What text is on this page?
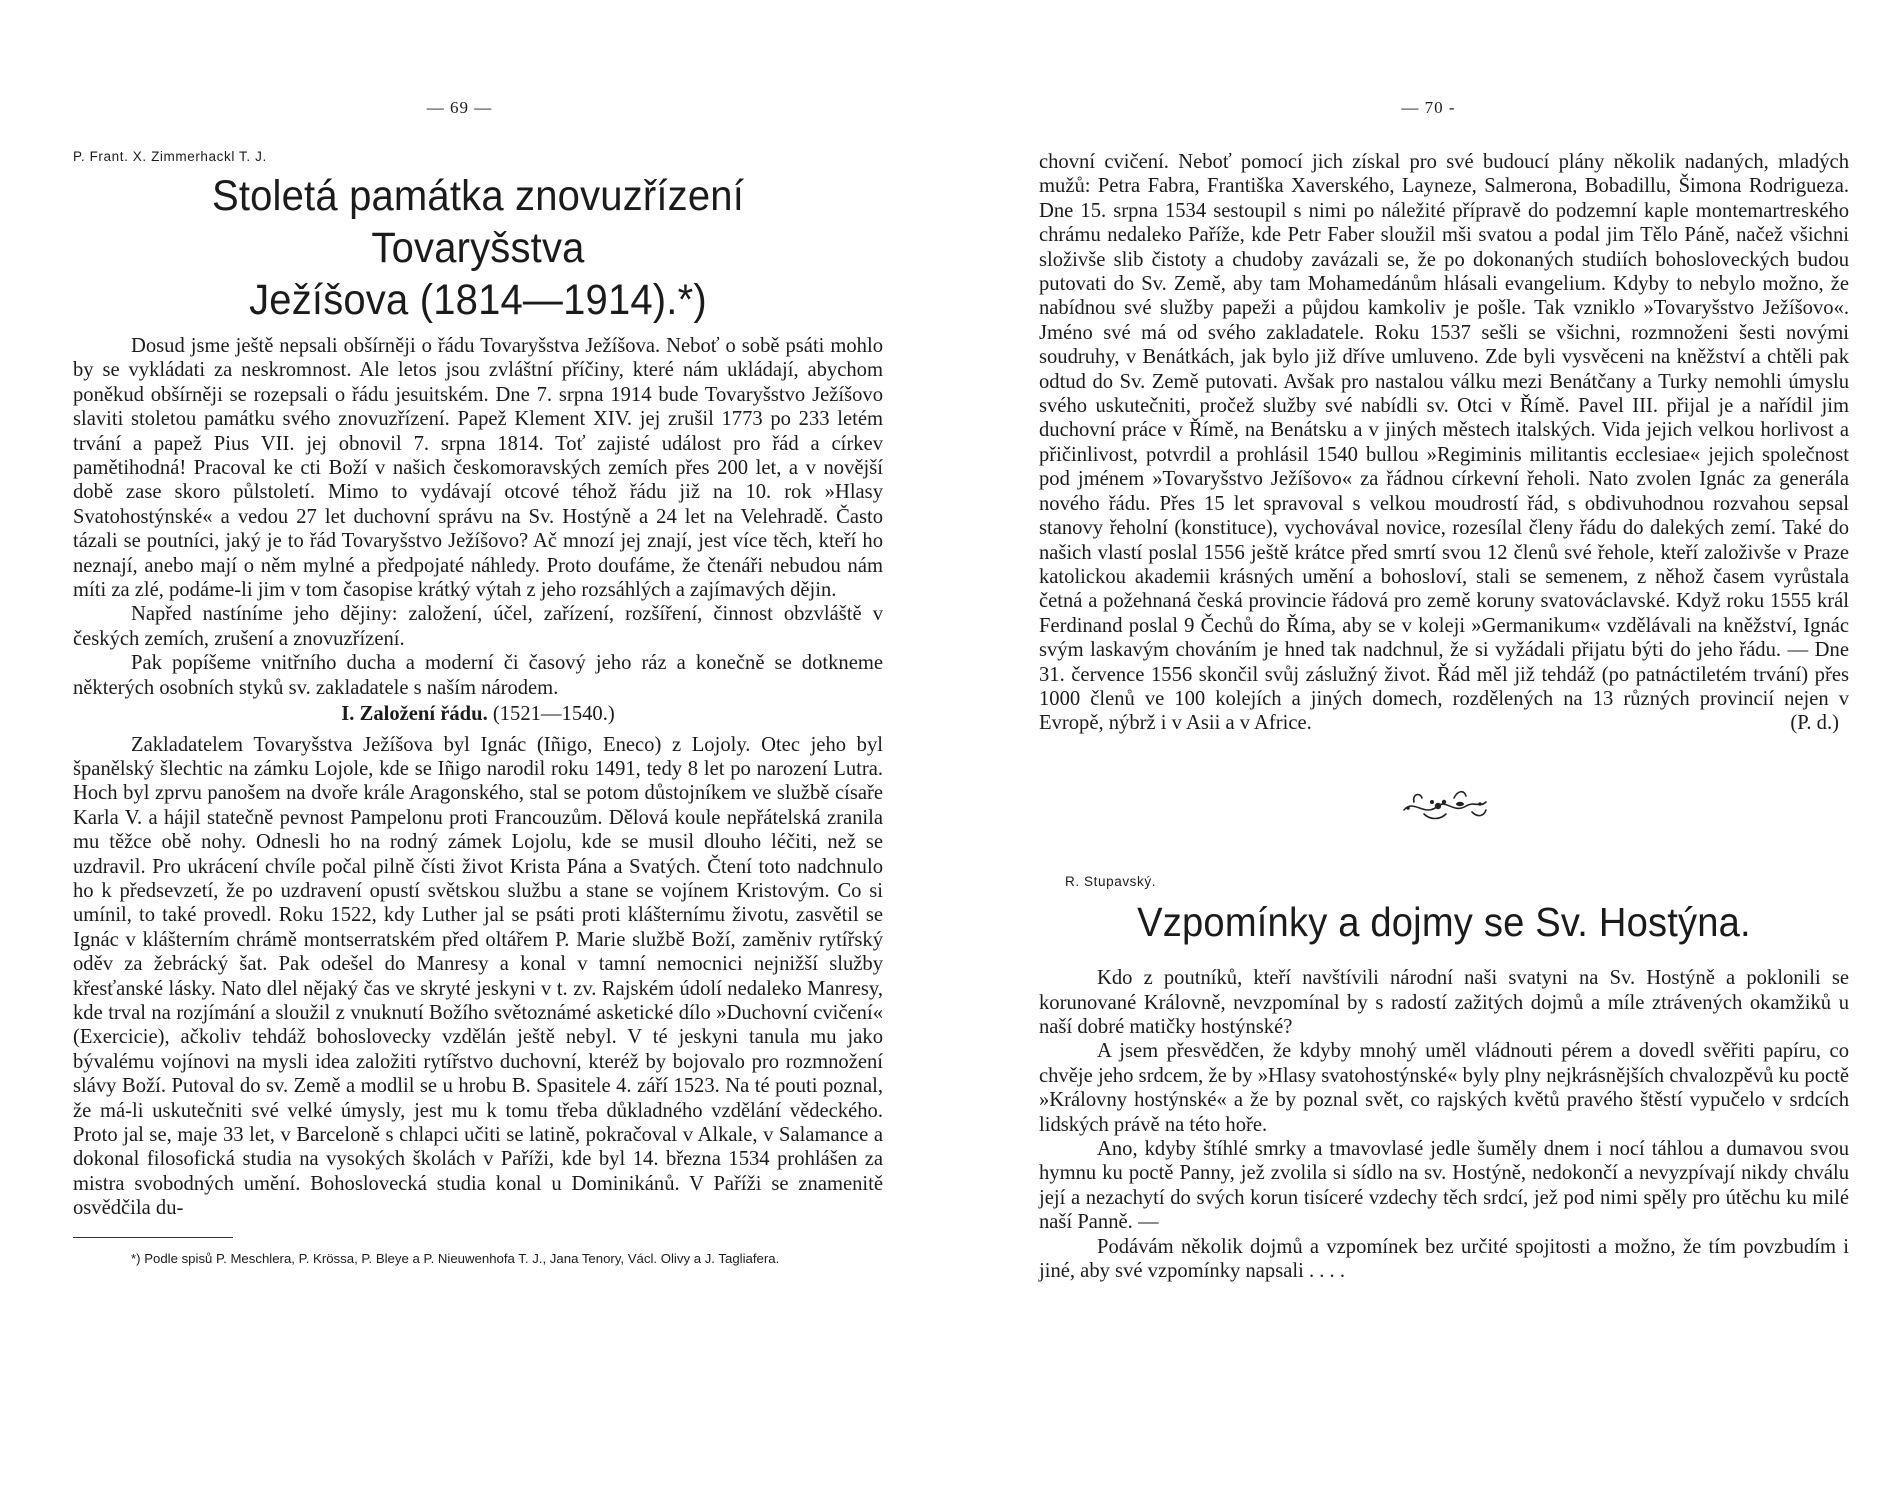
— 69 —

P. Frant. X. Zimmerhackl T. J.

Stoletá památka znovuzřízení Tovaryšstva
Ježíšova (1814—1914).*)

Dosud jsme ještě nepsali obšírněji o řádu Tovaryšstva Ježíšova. Neboť o sobě psáti mohlo by se vykládati za neskromnost. Ale letos jsou zvláštní příčiny, které nám ukládají, abychom poněkud obšírněji se rozepsali o řádu jesuitském. Dne 7. srpna 1914 bude Tovaryšstvo Ježíšovo slaviti stoletou památku svého znovuzřízení. Papež Klement XIV. jej zrušil 1773 po 233 letém trvání a papež Pius VII. jej obnovil 7. srpna 1814. Toť zajisté událost pro řád a církev pamětihodná! Pracoval ke cti Boží v našich českomoravských zemích přes 200 let, a v novější době zase skoro půlstoletí. Mimo to vydávají otcové téhož řádu již na 10. rok »Hlasy Svatohostýnské« a vedou 27 let duchovní správu na Sv. Hostýně a 24 let na Velehradě. Často tázali se poutníci, jaký je to řád Tovaryšstvo Ježíšovo? Ač mnozí jej znají, jest více těch, kteří ho neznají, anebo mají o něm mylné a předpojaté náhledy. Proto doufáme, že čtenáři nebudou nám míti za zlé, podáme-li jim v tom časopise krátký výtah z jeho rozsáhlých a zajímavých dějin.

Napřed nastíníme jeho dějiny: založení, účel, zařízení, rozšíření, činnost obzvláště v českých zemích, zrušení a znovuzřízení.

Pak popíšeme vnitřního ducha a moderní či časový jeho ráz a konečně se dotkneme některých osobních styků sv. zakladatele s naším národem.

I. Založení řádu. (1521—1540.)

Zakladatelem Tovaryšstva Ježíšova byl Ignác (Iñigo, Eneco) z Lojoly. Otec jeho byl španělský šlechtic na zámku Lojole, kde se Iñigo narodil roku 1491, tedy 8 let po narození Lutra. Hoch byl zprvu panošem na dvoře krále Aragonského, stal se potom důstojníkem ve službě císaře Karla V. a hájil statečně pevnost Pampelonu proti Francouzům. Dělová koule nepřátelská zranila mu těžce obě nohy. Odnesli ho na rodný zámek Lojolu, kde se musil dlouho léčiti, než se uzdravil. Pro ukrácení chvíle počal pilně čísti život Krista Pána a Svatých. Čtení toto nadchnulo ho k předsevzetí, že po uzdravení opustí světskou službu a stane se vojínem Kristovým. Co si umínil, to také provedl. Roku 1522, kdy Luther jal se psáti proti klášternímu životu, zasvětil se Ignác v klášterním chrámě montserratském před oltářem P. Marie službě Boží, zaměniv rytířský oděv za žebrácký šat. Pak odešel do Manresy a konal v tamní nemocnici nejnižší služby křesťanské lásky. Nato dlel nějaký čas ve skryté jeskyni v t. zv. Rajském údolí nedaleko Manresy, kde trval na rozjímání a sloužil z vnuknutí Božího světoznámé asketické dílo »Duchovní cvičení« (Exercicie), ačkoliv tehdáž bohoslovecky vzdělán ještě nebyl. V té jeskyni tanula mu jako bývalému vojínovi na mysli idea založiti rytířstvo duchovní, kteréž by bojovalo pro rozmnožení slávy Boží. Putoval do sv. Země a modlil se u hrobu B. Spasitele 4. září 1523. Na té pouti poznal, že má-li uskutečniti své velké úmysly, jest mu k tomu třeba důkladného vzdělání vědeckého. Proto jal se, maje 33 let, v Barceloně s chlapci učiti se latině, pokračoval v Alkale, v Salamance a dokonal filosofická studia na vysokých školách v Paříži, kde byl 14. března 1534 prohlášen za mistra svobodných umění. Bohoslovecká studia konal u Dominikánů. V Paříži se znamenitě osvědčila du-

*) Podle spisů P. Meschlera, P. Krössa, P. Bleye a P. Nieuwenhofa T. J., Jana Tenory, Václ. Olivy a J. Tagliafera.

— 70 -

chovní cvičení. Neboť pomocí jich získal pro své budoucí plány několik nadaných, mladých mužů: Petra Fabra, Františka Xaverského, Layneze, Salmerona, Bobadillu, Šimona Rodrigueza. Dne 15. srpna 1534 sestoupil s nimi po náležité přípravě do podzemní kaple montemartreského chrámu nedaleko Paříže, kde Petr Faber sloužil mši svatou a podal jim Tělo Páně, načež všichni složivše slib čistoty a chudoby zavázali se, že po dokonaných studiích bohosloveckých budou putovati do Sv. Země, aby tam Mohamedánům hlásali evangelium. Kdyby to nebylo možno, že nabídnou své služby papeži a půjdou kamkoliv je pošle. Tak vzniklo »Tovaryšstvo Ježíšovo«. Jméno své má od svého zakladatele. Roku 1537 sešli se všichni, rozmnoženi šesti novými soudruhy, v Benátkách, jak bylo již dříve umluveno. Zde byli vysvěceni na kněžství a chtěli pak odtud do Sv. Země putovati. Avšak pro nastalou válku mezi Benátčany a Turky nemohli úmyslu svého uskutečniti, pročež služby své nabídli sv. Otci v Římě. Pavel III. přijal je a nařídil jim duchovní práce v Římě, na Benátsku a v jiných městech italských. Vida jejich velkou horlivost a přičinlivost, potvrdil a prohlásil 1540 bullou »Regiminis militantis ecclesiae« jejich společnost pod jménem »Tovaryšstvo Ježíšovo« za řádnou církevní řeholi. Nato zvolen Ignác za generála nového řádu. Přes 15 let spravoval s velkou moudrostí řád, s obdivuhodnou rozvahou sepsal stanovy řeholní (konstituce), vychovával novice, rozesílal členy řádu do dalekých zemí. Také do našich vlastí poslal 1556 ještě krátce před smrtí svou 12 členů své řehole, kteří založivše v Praze katolickou akademii krásných umění a bohosloví, stali se semenem, z něhož časem vyrůstala četná a požehnaná česká provincie řádová pro země koruny svatováclavské. Když roku 1555 král Ferdinand poslal 9 Čechů do Říma, aby se v koleji »Germanikum« vzdělávali na kněžství, Ignác svým laskavým chováním je hned tak nadchnul, že si vyžádali přijatu býti do jeho řádu. — Dne 31. července 1556 skončil svůj záslužný život. Řád měl již tehdáž (po patnáctiletém trvání) přes 1000 členů ve 100 kolejích a jiných domech, rozdělených na 13 různých provincií nejen v Evropě, nýbrž i v Asii a v Africe.	(P. d.)

R. Stupavský.

Vzpomínky a dojmy se Sv. Hostýna.

Kdo z poutníků, kteří navštívili národní naši svatyni na Sv. Hostýně a poklonili se korunované Královně, nevzpomínal by s radostí zažitých dojmů a míle ztrávených okamžiků u naší dobré matičky hostýnské?

A jsem přesvědčen, že kdyby mnohý uměl vládnouti pérem a dovedl svěřiti papíru, co chvěje jeho srdcem, že by »Hlasy svatohostýnské« byly plny nejkrásnějších chvalozpěvů ku poctě »Královny hostýnské« a že by poznal svět, co rajských květů pravého štěstí vypučelo v srdcích lidských právě na této hoře.

Ano, kdyby štíhlé smrky a tmavovlasé jedle šuměly dnem i nocí táhlou a dumavou svou hymnu ku poctě Panny, jež zvolila si sídlo na sv. Hostýně, nedokončí a nevyzpívají nikdy chválu její a nezachytí do svých korun tisíceré vzdechy těch srdcí, jež pod nimi spěly pro útěchu ku milé naší Panně. —

Podávám několik dojmů a vzpomínek bez určité spojitosti a možno, že tím povzbudím i jiné, aby své vzpomínky napsali . . . .
